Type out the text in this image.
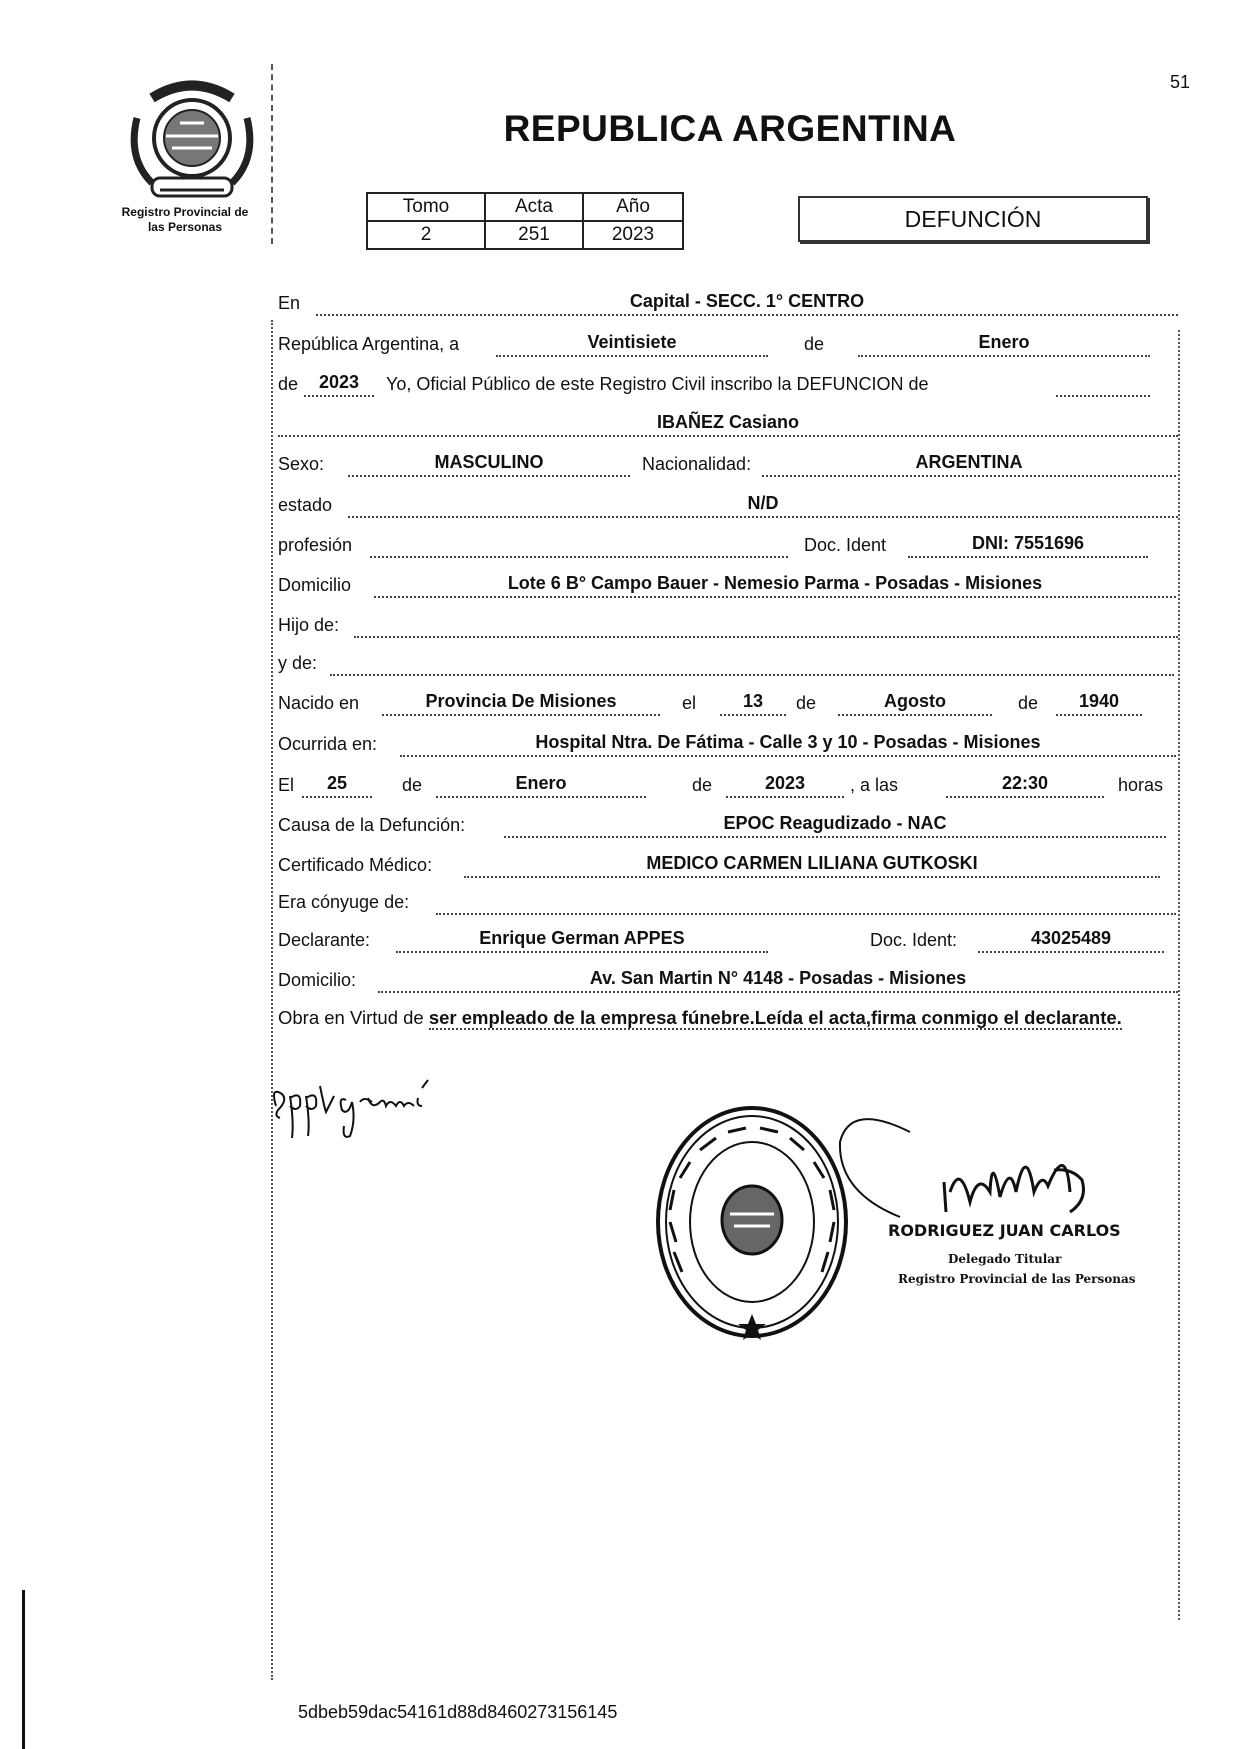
51
Registro Provincial de
las Personas
REPUBLICA ARGENTINA
Tomo	Acta	Año
2	251	2023
DEFUNCIÓN
En	Capital - SECC. 1° CENTRO
República Argentina, a	Veintisiete	de	Enero
de	2023	Yo, Oficial Público de este Registro Civil inscribo la DEFUNCION de
IBAÑEZ Casiano
Sexo:	MASCULINO	Nacionalidad:	ARGENTINA
estado	N/D
profesión	Doc. Ident	DNI: 7551696
Domicilio	Lote 6 B° Campo Bauer - Nemesio Parma - Posadas - Misiones
Hijo de:
y de:
Nacido en	Provincia De Misiones	el	13	de	Agosto	de	1940
Ocurrida en:	Hospital Ntra. De Fátima - Calle 3 y 10 - Posadas - Misiones
El	25	de	Enero	de	2023	, a las	22:30	horas
Causa de la Defunción:	EPOC Reagudizado - NAC
Certificado Médico:	MEDICO CARMEN LILIANA GUTKOSKI
Era cónyuge de:
Declarante:	Enrique German APPES	Doc. Ident:	43025489
Domicilio:	Av. San Martin N° 4148 - Posadas - Misiones
Obra en Virtud de ser empleado de la empresa fúnebre.Leída el acta,firma conmigo el declarante.
RODRIGUEZ JUAN CARLOS
Delegado Titular
Registro Provincial de las Personas
5dbeb59dac54161d88d8460273156145
